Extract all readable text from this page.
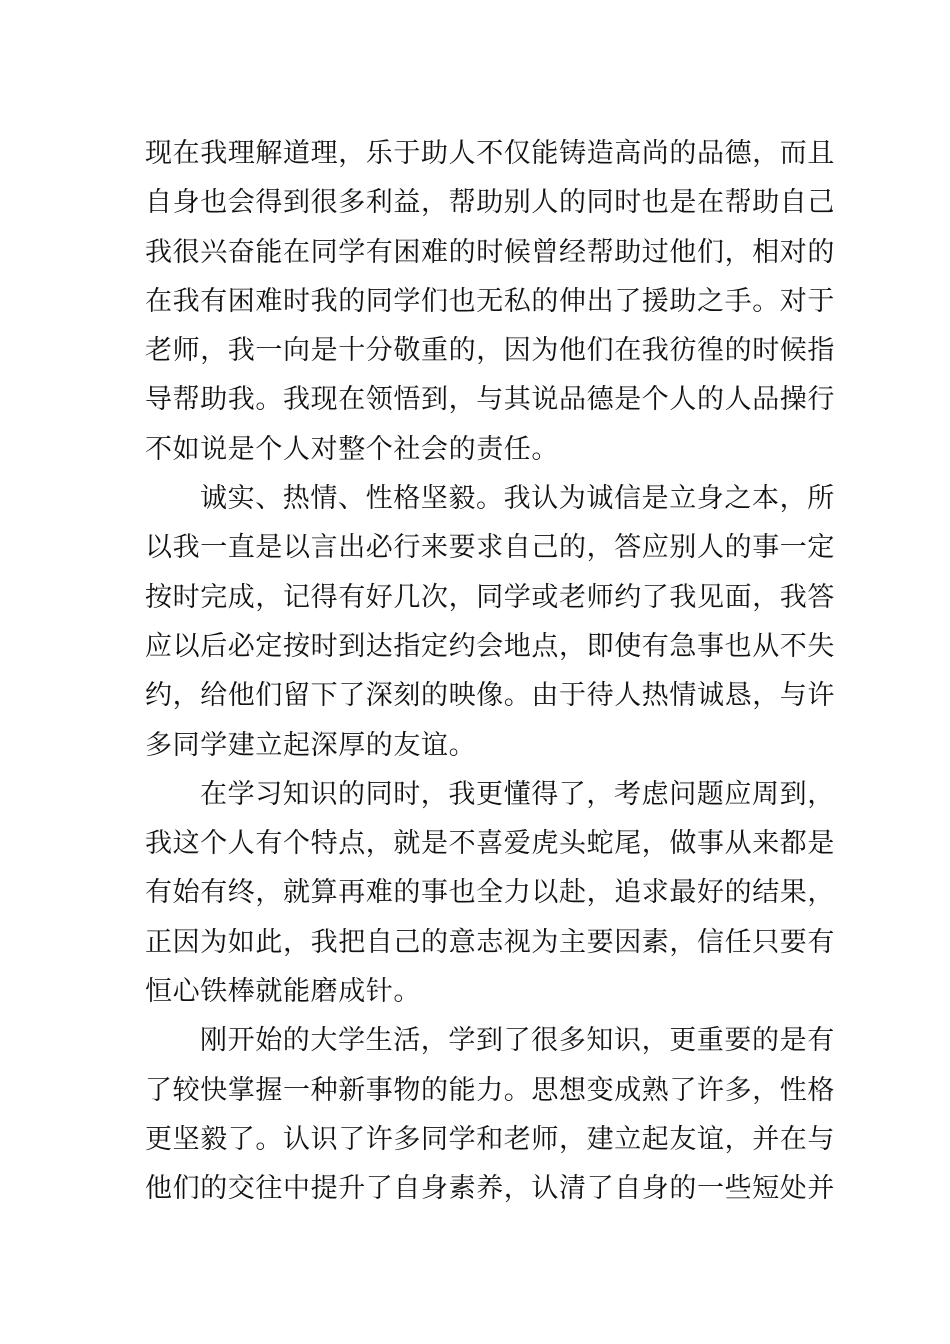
现在我理解道理，乐于助人不仅能铸造高尚的品德，而且
自身也会得到很多利益，帮助别人的同时也是在帮助自己
我很兴奋能在同学有困难的时候曾经帮助过他们，相对的
在我有困难时我的同学们也无私的伸出了援助之手。对于
老师，我一向是十分敬重的，因为他们在我彷徨的时候指
导帮助我。我现在领悟到，与其说品德是个人的人品操行
不如说是个人对整个社会的责任。
诚实、热情、性格坚毅。我认为诚信是立身之本，所
以我一直是以言出必行来要求自己的，答应别人的事一定
按时完成，记得有好几次，同学或老师约了我见面，我答
应以后必定按时到达指定约会地点，即使有急事也从不失
约，给他们留下了深刻的映像。由于待人热情诚恳，与许
多同学建立起深厚的友谊。
在学习知识的同时，我更懂得了，考虑问题应周到，
我这个人有个特点，就是不喜爱虎头蛇尾，做事从来都是
有始有终，就算再难的事也全力以赴，追求最好的结果，
正因为如此，我把自己的意志视为主要因素，信任只要有
恒心铁棒就能磨成针。
刚开始的大学生活，学到了很多知识，更重要的是有
了较快掌握一种新事物的能力。思想变成熟了许多，性格
更坚毅了。认识了许多同学和老师，建立起友谊，并在与
他们的交往中提升了自身素养，认清了自身的一些短处并
